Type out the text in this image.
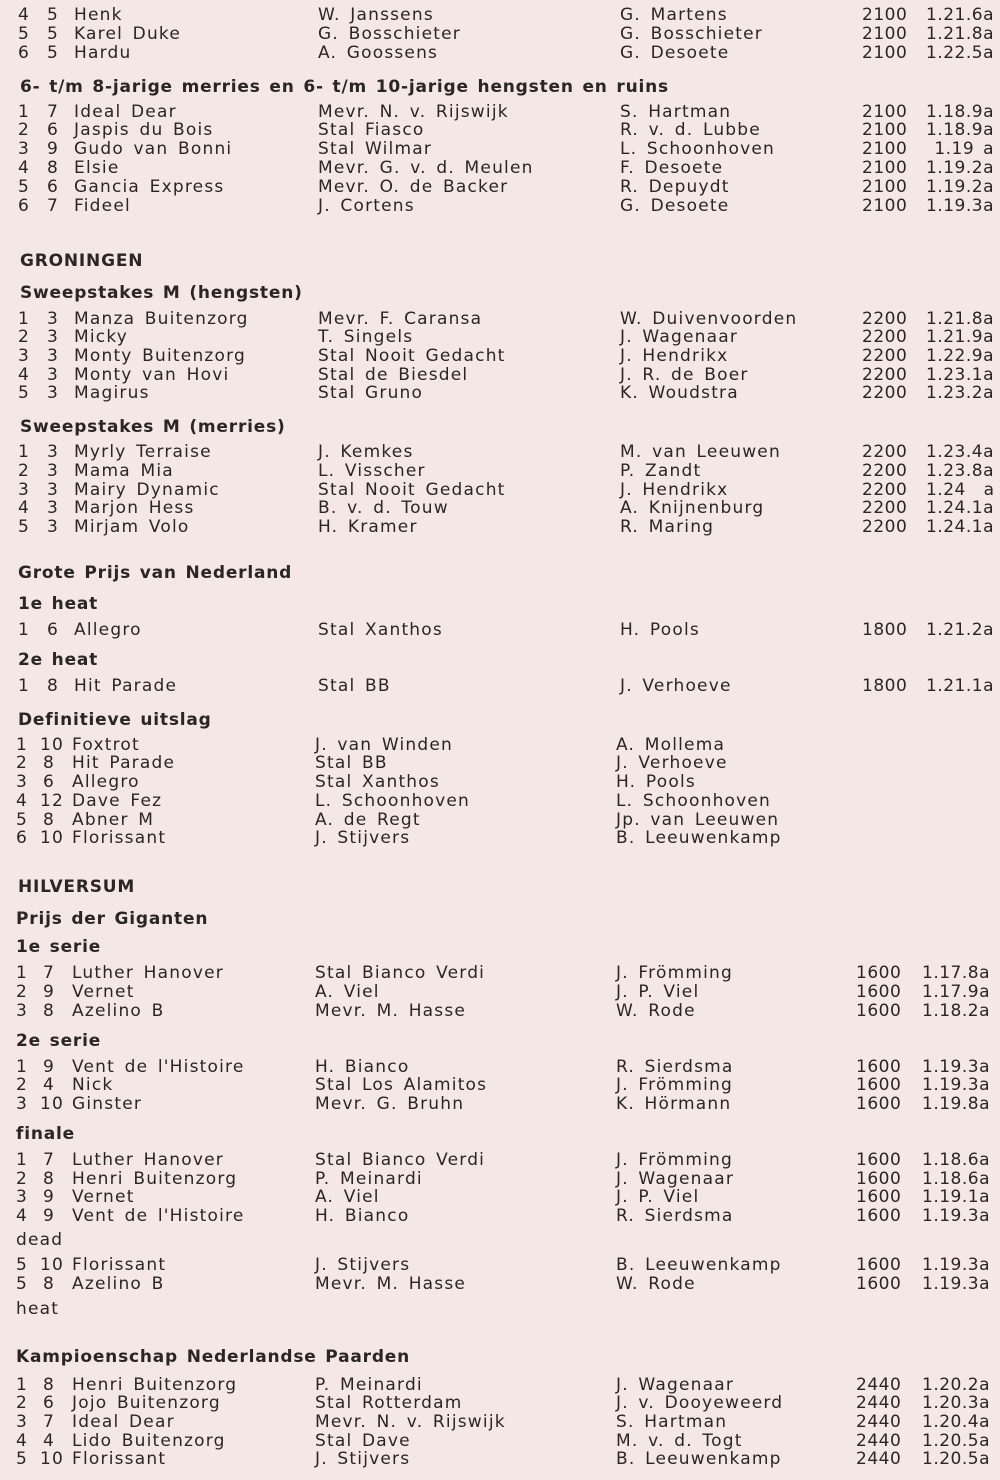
4 5 Henk	W. Janssens	G. Martens	2100 1.21.6a
5 5 Karel Duke	G. Bosschieter	G. Bosschieter	2100 1.21.8a
6 5 Hardu	A. Goossens	G. Desoete	2100 1.22.5a
6- t/m 8-jarige merries en 6- t/m 10-jarige hengsten en ruins
1 7 Ideal Dear	Mevr. N. v. Rijswijk	S. Hartman	2100 1.18.9a
2 6 Jaspis du Bois	Stal Fiasco	R. v. d. Lubbe	2100 1.18.9a
3 9 Gudo van Bonni	Stal Wilmar	L. Schoonhoven	2100	1.19 a
4 8 Elsie	Mevr. G. v. d. Meulen	F. Desoete	2100 1.19.2a
5 6 Gancia Express	Mevr. O. de Backer	R. Depuydt	2100 1.19.2a
6 7 Fideel	J. Cortens	G. Desoete	2100 1.19.3a
GRONINGEN
Sweepstakes M (hengsten)
1 3 Manza Buitenzorg	Mevr. F. Caransa	W. Duivenvoorden	2200 1.21.8a
2 3 Micky	T. Singels	J. Wagenaar	2200 1.21.9a
3 3 Monty Buitenzorg	Stal Nooit Gedacht	J. Hendrikx	2200 1.22.9a
4 3 Monty van Hovi	Stal de Biesdel	J. R. de Boer	2200 1.23.1a
5 3 Magirus	Stal Gruno	K. Woudstra	2200 1.23.2a
Sweepstakes M (merries)
1 3 Myrly Terraise	J. Kemkes	M. van Leeuwen	2200 1.23.4a
2 3 Mama Mia	L. Visscher	P. Zandt	2200 1.23.8a
3 3 Mairy Dynamic	Stal Nooit Gedacht	J. Hendrikx	2200 1.24  a
4 3 Marjon Hess	B. v. d. Touw	A. Knijnenburg	2200 1.24.1a
5 3 Mirjam Volo	H. Kramer	R. Maring	2200 1.24.1a
Grote Prijs van Nederland
1e heat
1 6 Allegro	Stal Xanthos	H. Pools	1800 1.21.2a
2e heat
1 8 Hit Parade	Stal BB	J. Verhoeve	1800 1.21.1a
Definitieve uitslag
1 10 Foxtrot	J. van Winden	A. Mollema
2 8 Hit Parade	Stal BB	J. Verhoeve
3 6 Allegro	Stal Xanthos	H. Pools
4 12 Dave Fez	L. Schoonhoven	L. Schoonhoven
5 8 Abner M	A. de Regt	Jp. van Leeuwen
6 10 Florissant	J. Stijvers	B. Leeuwenkamp
HILVERSUM
Prijs der Giganten
1e serie
1 7 Luther Hanover	Stal Bianco Verdi	J. Frömming	1600 1.17.8a
2 9 Vernet	A. Viel	J. P. Viel	1600 1.17.9a
3 8 Azelino B	Mevr. M. Hasse	W. Rode	1600 1.18.2a
2e serie
1 9 Vent de l'Histoire	H. Bianco	R. Sierdsma	1600 1.19.3a
2 4 Nick	Stal Los Alamitos	J. Frömming	1600 1.19.3a
3 10 Ginster	Mevr. G. Bruhn	K. Hörmann	1600 1.19.8a
finale
1 7 Luther Hanover	Stal Bianco Verdi	J. Frömming	1600 1.18.6a
2 8 Henri Buitenzorg	P. Meinardi	J. Wagenaar	1600 1.18.6a
3 9 Vernet	A. Viel	J. P. Viel	1600 1.19.1a
4 9 Vent de l'Histoire	H. Bianco	R. Sierdsma	1600 1.19.3a
dead
5 10 Florissant	J. Stijvers	B. Leeuwenkamp	1600 1.19.3a
5 8 Azelino B	Mevr. M. Hasse	W. Rode	1600 1.19.3a
heat
Kampioenschap Nederlandse Paarden
1 8 Henri Buitenzorg	P. Meinardi	J. Wagenaar	2440 1.20.2a
2 6 Jojo Buitenzorg	Stal Rotterdam	J. v. Dooyeweerd	2440 1.20.3a
3 7 Ideal Dear	Mevr. N. v. Rijswijk	S. Hartman	2440 1.20.4a
4 4 Lido Buitenzorg	Stal Dave	M. v. d. Togt	2440 1.20.5a
5 10 Florissant	J. Stijvers	B. Leeuwenkamp	2440 1.20.5a
